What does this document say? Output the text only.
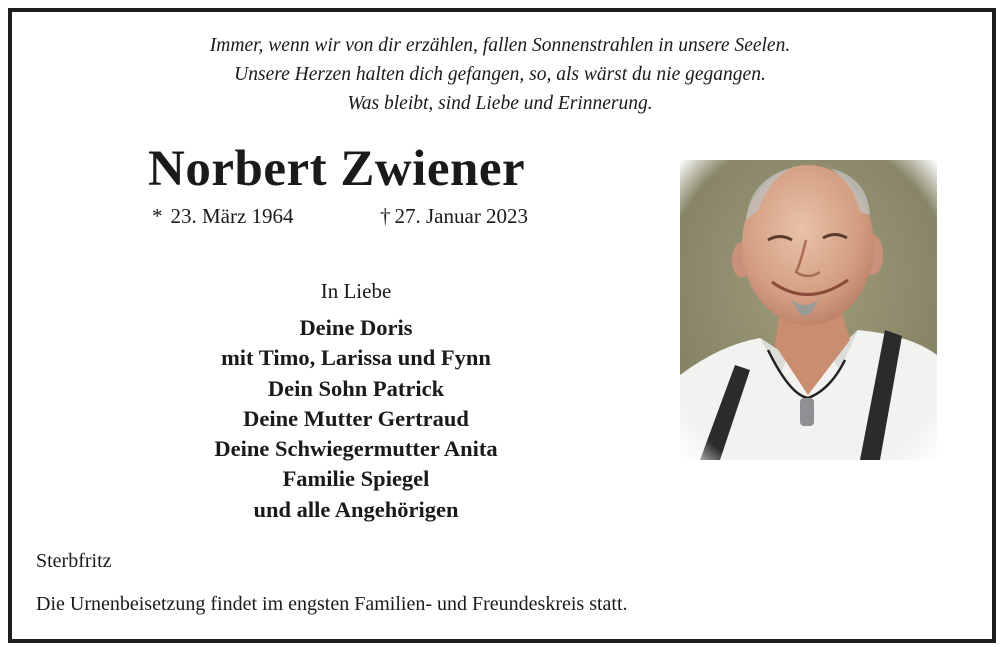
Immer, wenn wir von dir erzählen, fallen Sonnenstrahlen in unsere Seelen.
Unsere Herzen halten dich gefangen, so, als wärst du nie gegangen.
Was bleibt, sind Liebe und Erinnerung.
Norbert Zwiener
* 23. März 1964	† 27. Januar 2023
In Liebe
Deine Doris
mit Timo, Larissa und Fynn
Dein Sohn Patrick
Deine Mutter Gertraud
Deine Schwiegermutter Anita
Familie Spiegel
und alle Angehörigen
Sterbfritz
Die Urnenbeisetzung findet im engsten Familien- und Freundeskreis statt.
